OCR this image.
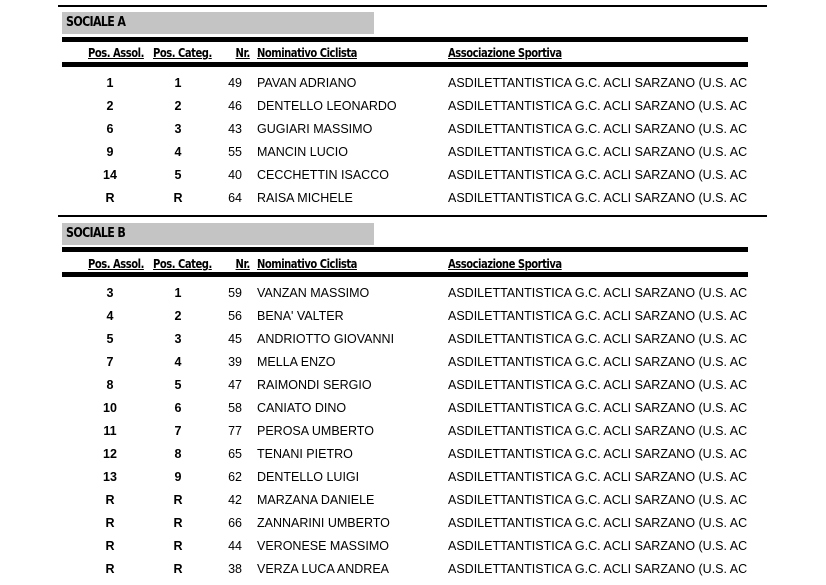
SOCIALE A
Pos. Assol. Pos. Categ. Nr. Nominativo Ciclista	Associazione Sportiva
1	1	49 PAVAN ADRIANO	ASDILETTANTISTICA G.C. ACLI SARZANO (U.S. AC
2	2	46 DENTELLO LEONARDO	ASDILETTANTISTICA G.C. ACLI SARZANO (U.S. AC
6	3	43 GUGIARI MASSIMO	ASDILETTANTISTICA G.C. ACLI SARZANO (U.S. AC
9	4	55 MANCIN LUCIO	ASDILETTANTISTICA G.C. ACLI SARZANO (U.S. AC
14	5	40 CECCHETTIN ISACCO	ASDILETTANTISTICA G.C. ACLI SARZANO (U.S. AC
R	R	64 RAISA MICHELE	ASDILETTANTISTICA G.C. ACLI SARZANO (U.S. AC
SOCIALE B
Pos. Assol. Pos. Categ. Nr. Nominativo Ciclista	Associazione Sportiva
3	1	59 VANZAN MASSIMO	ASDILETTANTISTICA G.C. ACLI SARZANO (U.S. AC
4	2	56 BENA' VALTER	ASDILETTANTISTICA G.C. ACLI SARZANO (U.S. AC
5	3	45 ANDRIOTTO GIOVANNI	ASDILETTANTISTICA G.C. ACLI SARZANO (U.S. AC
7	4	39 MELLA ENZO	ASDILETTANTISTICA G.C. ACLI SARZANO (U.S. AC
8	5	47 RAIMONDI SERGIO	ASDILETTANTISTICA G.C. ACLI SARZANO (U.S. AC
10	6	58 CANIATO DINO	ASDILETTANTISTICA G.C. ACLI SARZANO (U.S. AC
11	7	77 PEROSA UMBERTO	ASDILETTANTISTICA G.C. ACLI SARZANO (U.S. AC
12	8	65 TENANI PIETRO	ASDILETTANTISTICA G.C. ACLI SARZANO (U.S. AC
13	9	62 DENTELLO LUIGI	ASDILETTANTISTICA G.C. ACLI SARZANO (U.S. AC
R	R	42 MARZANA DANIELE	ASDILETTANTISTICA G.C. ACLI SARZANO (U.S. AC
R	R	66 ZANNARINI UMBERTO	ASDILETTANTISTICA G.C. ACLI SARZANO (U.S. AC
R	R	44 VERONESE MASSIMO	ASDILETTANTISTICA G.C. ACLI SARZANO (U.S. AC
R	R	38 VERZA LUCA ANDREA	ASDILETTANTISTICA G.C. ACLI SARZANO (U.S. AC
